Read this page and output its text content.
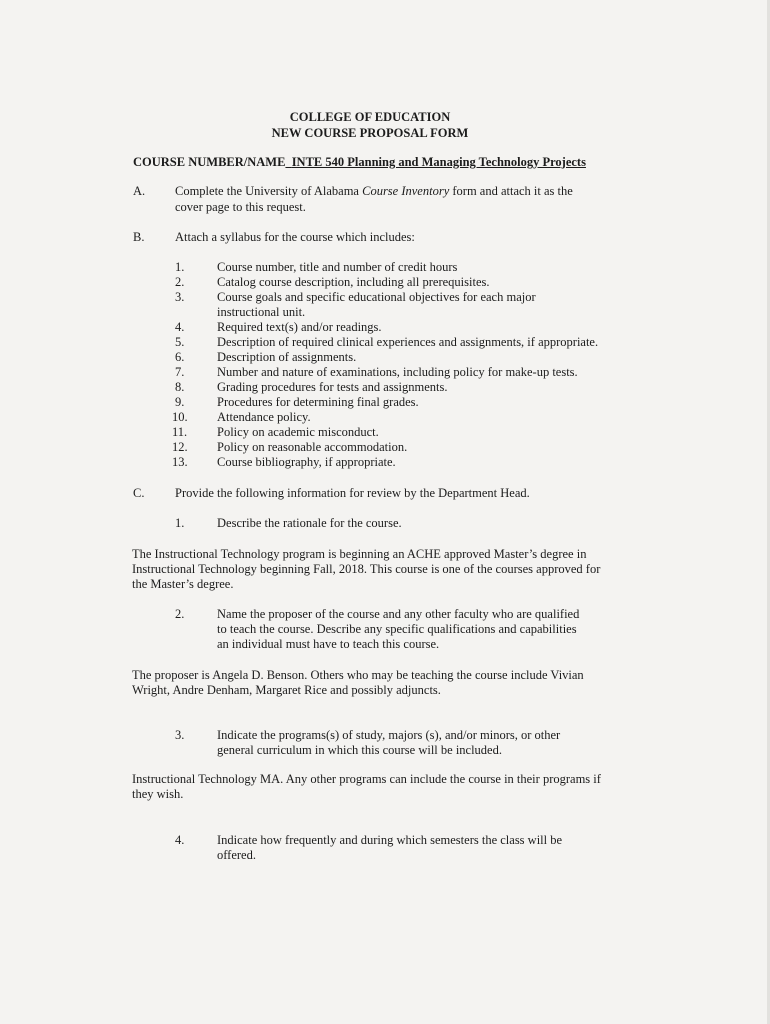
COLLEGE OF EDUCATION
NEW COURSE PROPOSAL FORM
COURSE NUMBER/NAME INTE 540 Planning and Managing Technology Projects
A. Complete the University of Alabama Course Inventory form and attach it as the
cover page to this request.
B. Attach a syllabus for the course which includes:
1.	Course number, title and number of credit hours
2.	Catalog course description, including all prerequisites.
3.	Course goals and specific educational objectives for each major
instructional unit.
4.	Required text(s) and/or readings.
5.	Description of required clinical experiences and assignments, if appropriate.
6.	Description of assignments.
7.	Number and nature of examinations, including policy for make-up tests.
8.	Grading procedures for tests and assignments.
9.	Procedures for determining final grades.
10. Attendance policy.
11. Policy on academic misconduct.
12. Policy on reasonable accommodation.
13. Course bibliography, if appropriate.
C. Provide the following information for review by the Department Head.
1.	Describe the rationale for the course.
The Instructional Technology program is beginning an ACHE approved Master’s degree in
Instructional Technology beginning Fall, 2018. This course is one of the courses approved for
the Master’s degree.
2.	Name the proposer of the course and any other faculty who are qualified
to teach the course. Describe any specific qualifications and capabilities
an individual must have to teach this course.
The proposer is Angela D. Benson. Others who may be teaching the course include Vivian
Wright, Andre Denham, Margaret Rice and possibly adjuncts.
3.	Indicate the programs(s) of study, majors (s), and/or minors, or other
general curriculum in which this course will be included.
Instructional Technology MA. Any other programs can include the course in their programs if
they wish.
4.	Indicate how frequently and during which semesters the class will be
offered.
